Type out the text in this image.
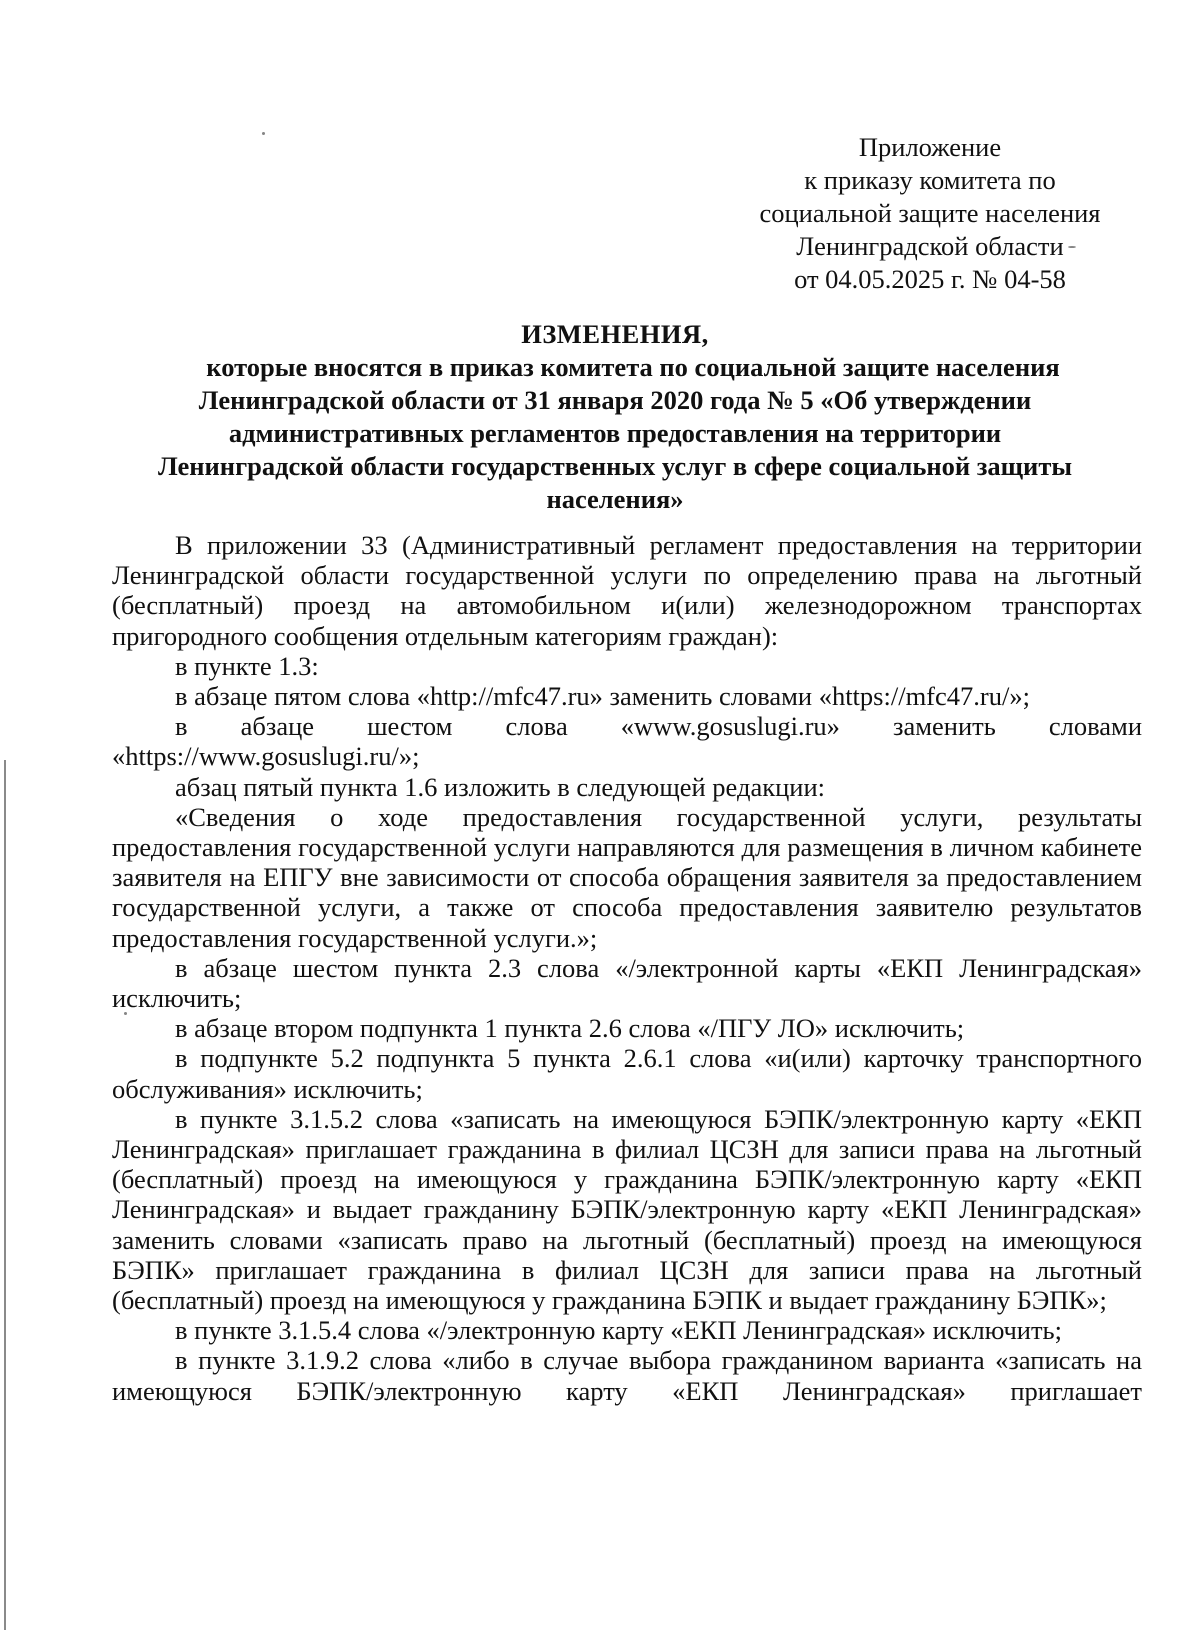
Приложение
к приказу комитета по
социальной защите населения
Ленинградской области
от 04.05.2025 г. № 04-58
ИЗМЕНЕНИЯ,
которые вносятся в приказ комитета по социальной защите населения
Ленинградской области от 31 января 2020 года № 5 «Об утверждении
административных регламентов предоставления на территории
Ленинградской области государственных услуг в сфере социальной защиты
населения»

В приложении 33 (Административный регламент предоставления на территории Ленинградской области государственной услуги по определению права на льготный (бесплатный) проезд на автомобильном и(или) железнодорожном транспортах пригородного сообщения отдельным категориям граждан):

в пункте 1.3:

в абзаце пятом слова «http://mfc47.ru» заменить словами «https://mfc47.ru/»;

в абзаце шестом слова «www.gosuslugi.ru» заменить словами «https://www.gosuslugi.ru/»;

абзац пятый пункта 1.6 изложить в следующей редакции:

«Сведения о ходе предоставления государственной услуги, результаты предоставления государственной услуги направляются для размещения в личном кабинете заявителя на ЕПГУ вне зависимости от способа обращения заявителя за предоставлением государственной услуги, а также от способа предоставления заявителю результатов предоставления государственной услуги.»;

в абзаце шестом пункта 2.3 слова «/электронной карты «ЕКП Ленинградская» исключить;

в абзаце втором подпункта 1 пункта 2.6 слова «/ПГУ ЛО» исключить;

в подпункте 5.2 подпункта 5 пункта 2.6.1 слова «и(или) карточку транспортного обслуживания» исключить;

в пункте 3.1.5.2 слова «записать на имеющуюся БЭПК/электронную карту «ЕКП Ленинградская» приглашает гражданина в филиал ЦСЗН для записи права на льготный (бесплатный) проезд на имеющуюся у гражданина БЭПК/электронную карту «ЕКП Ленинградская» и выдает гражданину БЭПК/электронную карту «ЕКП Ленинградская» заменить словами «записать право на льготный (бесплатный) проезд на имеющуюся БЭПК» приглашает гражданина в филиал ЦСЗН для записи права на льготный (бесплатный) проезд на имеющуюся у гражданина БЭПК и выдает гражданину БЭПК»;

в пункте 3.1.5.4 слова «/электронную карту «ЕКП Ленинградская» исключить;

в пункте 3.1.9.2 слова «либо в случае выбора гражданином варианта «записать на имеющуюся БЭПК/электронную карту «ЕКП Ленинградская» приглашает
